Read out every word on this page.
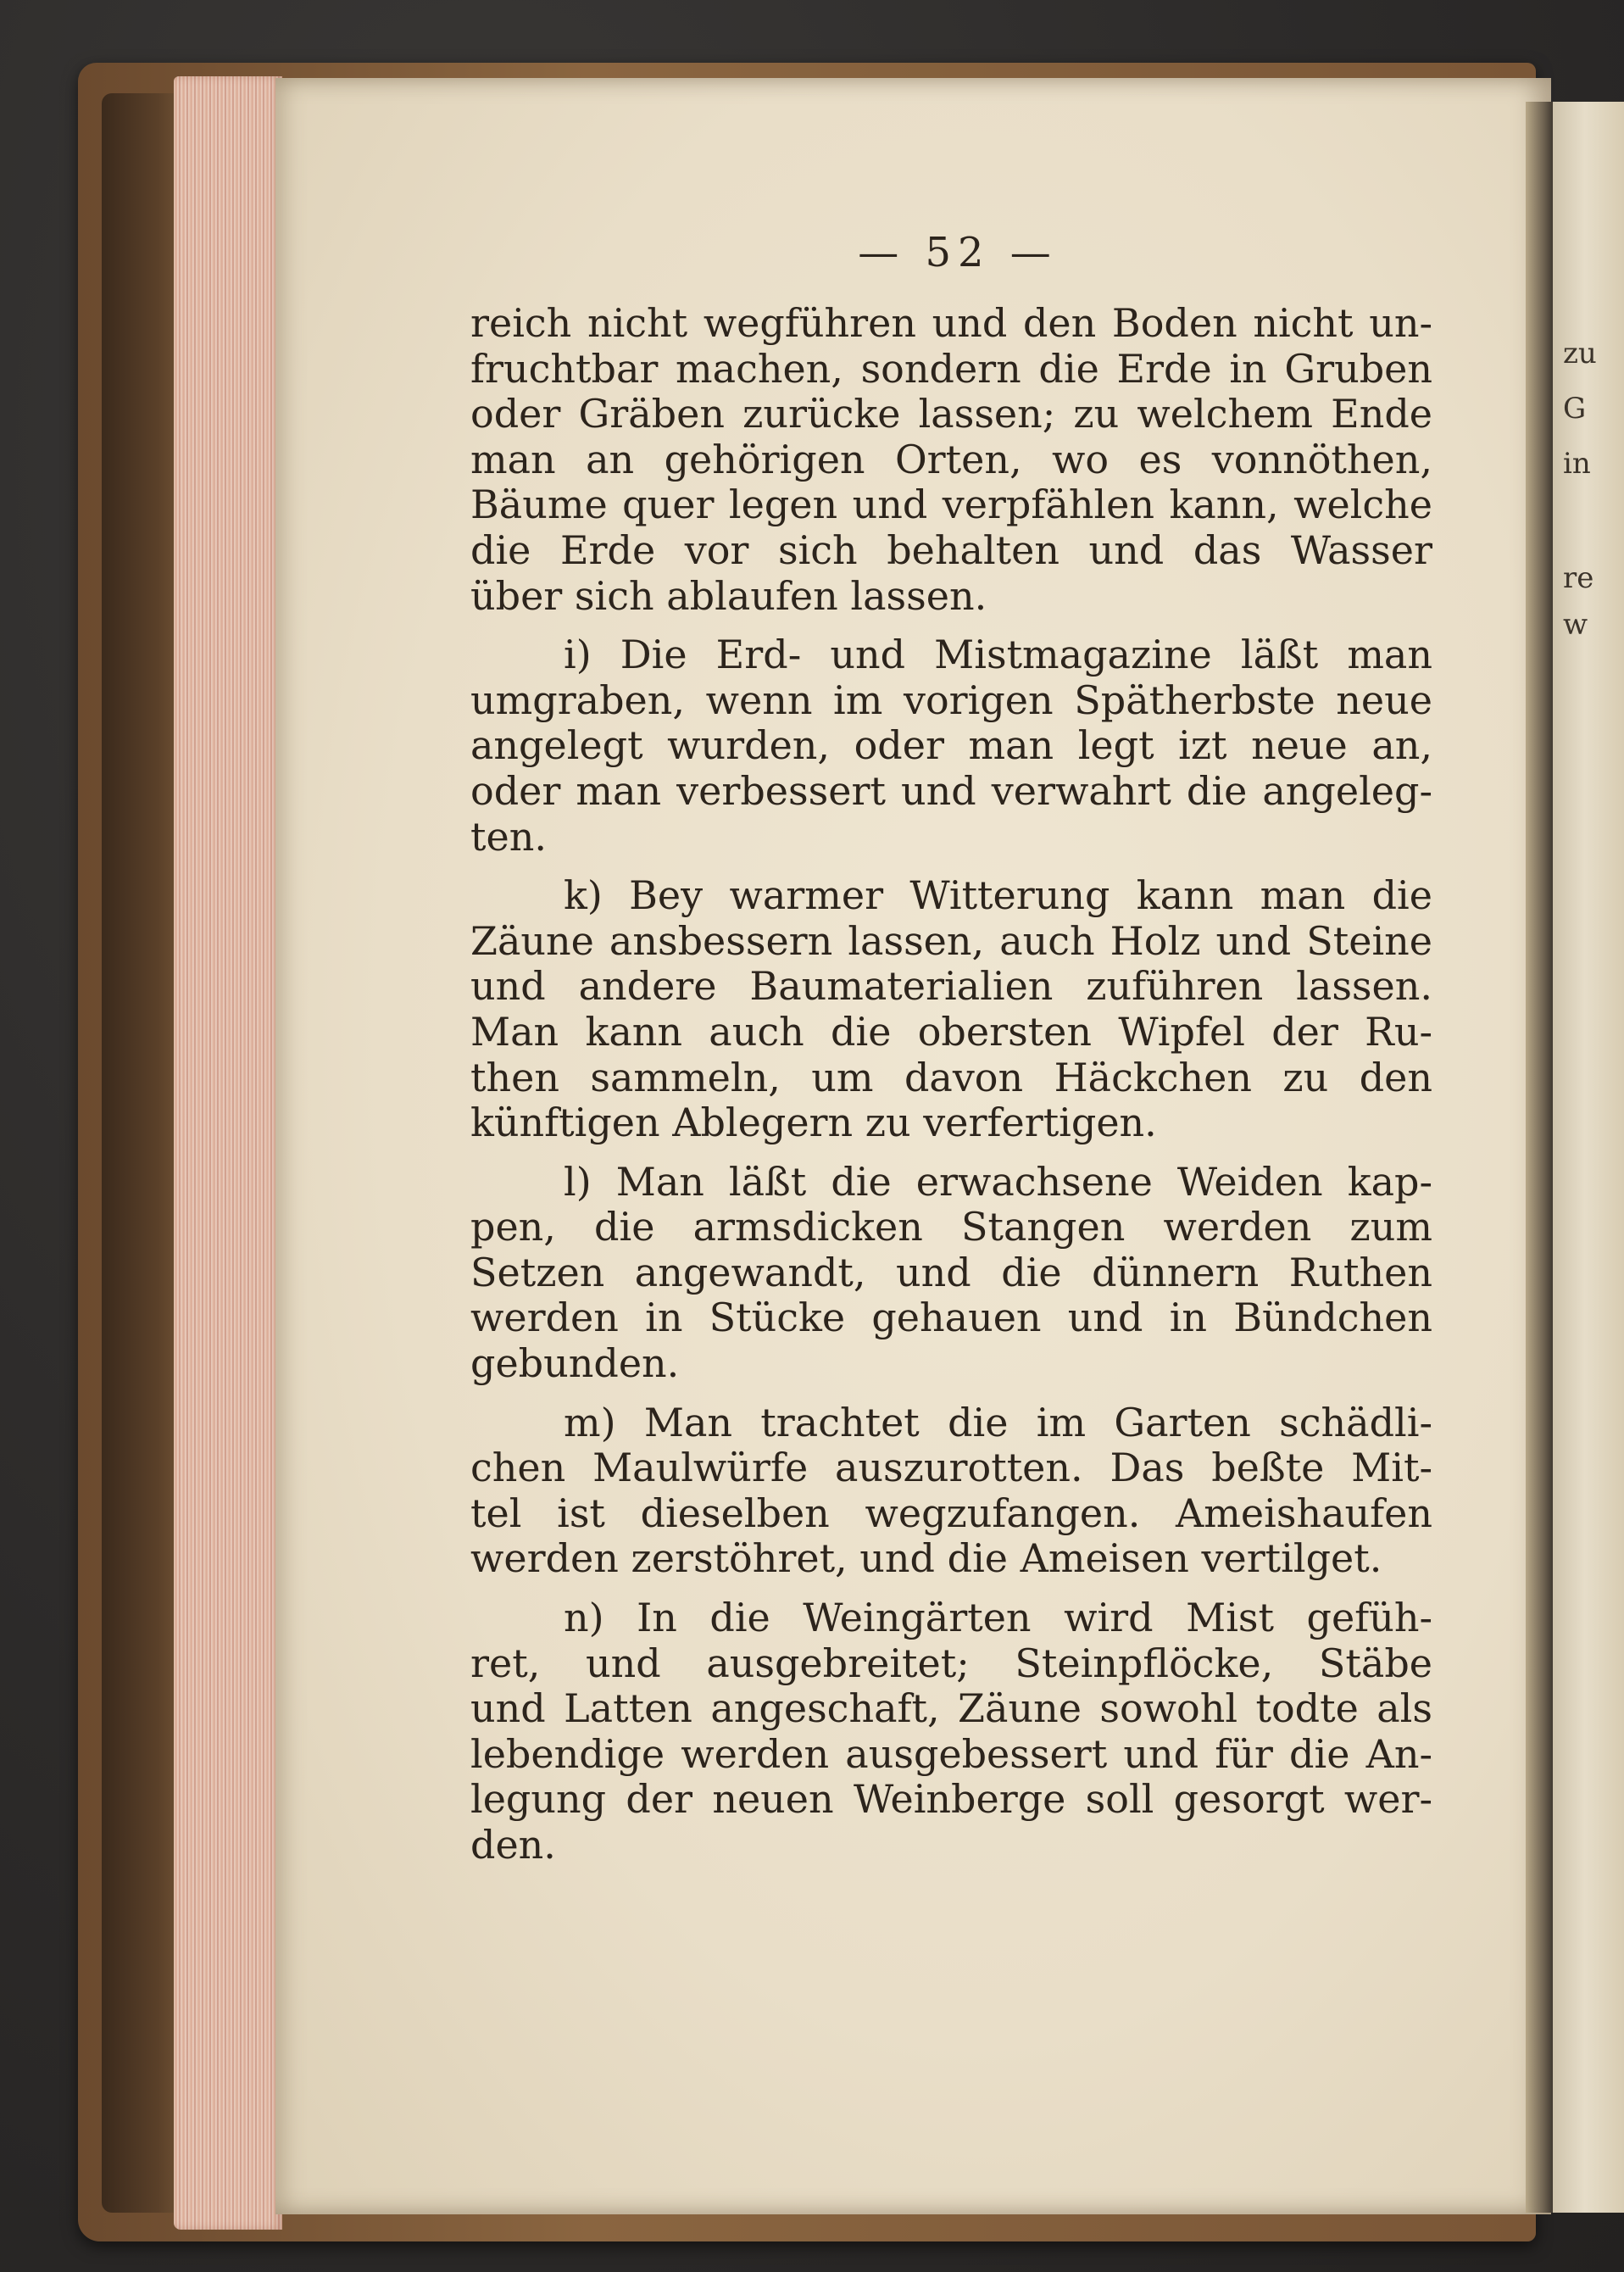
zu
G
in
re
w
— 52 —

reich nicht wegführen und den Boden nicht un-
fruchtbar machen, sondern die Erde in Gruben
oder Gräben zurücke lassen; zu welchem Ende
man an gehörigen Orten, wo es vonnöthen,
Bäume quer legen und verpfählen kann, welche
die Erde vor sich behalten und das Wasser
über sich ablaufen lassen.

i) Die Erd- und Mistmagazine läßt man
umgraben, wenn im vorigen Spätherbste neue
angelegt wurden, oder man legt izt neue an,
oder man verbessert und verwahrt die angeleg-
ten.

k) Bey warmer Witterung kann man die
Zäune ansbessern lassen, auch Holz und Steine
und andere Baumaterialien zuführen lassen.
Man kann auch die obersten Wipfel der Ru-
then sammeln, um davon Häckchen zu den
künftigen Ablegern zu verfertigen.

l) Man läßt die erwachsene Weiden kap-
pen, die armsdicken Stangen werden zum
Setzen angewandt, und die dünnern Ruthen
werden in Stücke gehauen und in Bündchen
gebunden.

m) Man trachtet die im Garten schädli-
chen Maulwürfe auszurotten. Das beßte Mit-
tel ist dieselben wegzufangen. Ameishaufen
werden zerstöhret, und die Ameisen vertilget.

n) In die Weingärten wird Mist gefüh-
ret, und ausgebreitet; Steinpflöcke, Stäbe
und Latten angeschaft, Zäune sowohl todte als
lebendige werden ausgebessert und für die An-
legung der neuen Weinberge soll gesorgt wer-
den.
